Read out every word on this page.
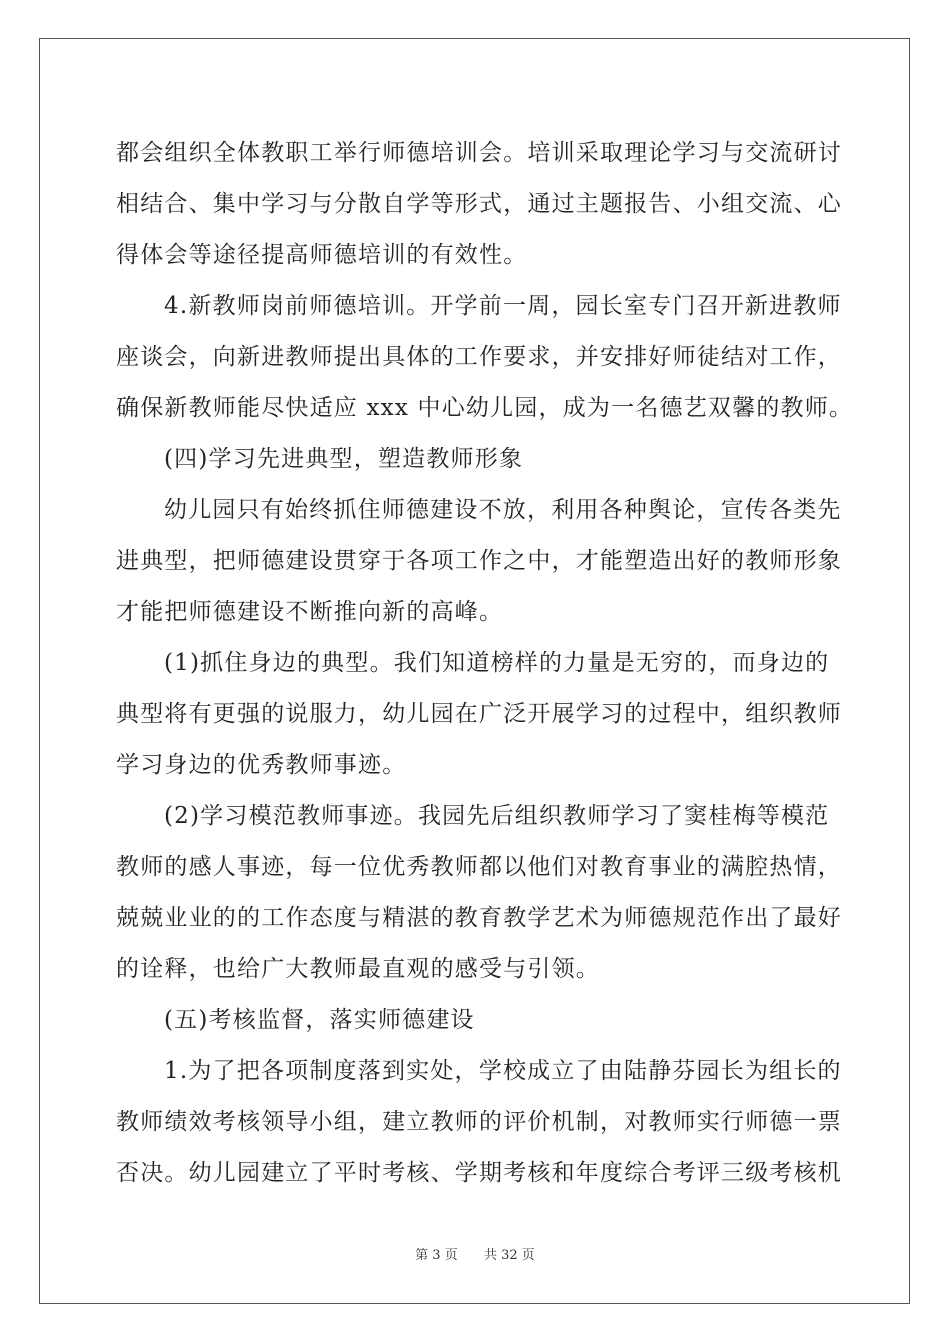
都会组织全体教职工举行师德培训会。培训采取理论学习与交流研讨
相结合、集中学习与分散自学等形式，通过主题报告、小组交流、心
得体会等途径提高师德培训的有效性。
4.新教师岗前师德培训。开学前一周，园长室专门召开新进教师
座谈会，向新进教师提出具体的工作要求，并安排好师徒结对工作，
确保新教师能尽快适应 xxx 中心幼儿园，成为一名德艺双馨的教师。
(四)学习先进典型，塑造教师形象
幼儿园只有始终抓住师德建设不放，利用各种舆论，宣传各类先
进典型，把师德建设贯穿于各项工作之中，才能塑造出好的教师形象
才能把师德建设不断推向新的高峰。
(1)抓住身边的典型。我们知道榜样的力量是无穷的，而身边的
典型将有更强的说服力，幼儿园在广泛开展学习的过程中，组织教师
学习身边的优秀教师事迹。
(2)学习模范教师事迹。我园先后组织教师学习了窦桂梅等模范
教师的感人事迹，每一位优秀教师都以他们对教育事业的满腔热情，
兢兢业业的的工作态度与精湛的教育教学艺术为师德规范作出了最好
的诠释，也给广大教师最直观的感受与引领。
(五)考核监督，落实师德建设
1.为了把各项制度落到实处，学校成立了由陆静芬园长为组长的
教师绩效考核领导小组，建立教师的评价机制，对教师实行师德一票
否决。幼儿园建立了平时考核、学期考核和年度综合考评三级考核机
第 3 页 共 32 页
